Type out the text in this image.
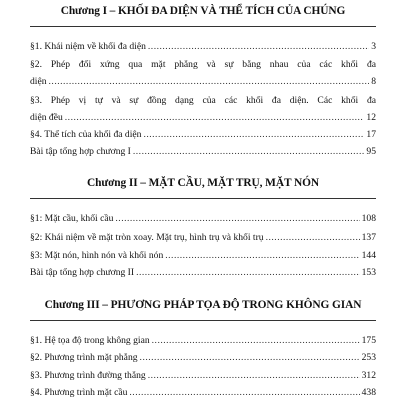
Chương I – KHỐI ĐA DIỆN VÀ THỂ TÍCH CỦA CHÚNG
§1. Khái niệm về khối đa diện .....	3
§2. Phép đối xứng qua mặt phẳng và sự bằng nhau của các khối đa
diện .....	8
§3. Phép vị tự và sự đồng dạng của các khối đa diện. Các khối đa
diện đều .....	12
§4. Thể tích của khối đa diện .....	17
Bài tập tổng hợp chương I .....	95
Chương II – MẶT CẦU, MẶT TRỤ, MẶT NÓN
§1: Mặt cầu, khối cầu .....	108
§2: Khái niệm về mặt tròn xoay. Mặt trụ, hình trụ và khối trụ .....	137
§3: Mặt nón, hình nón và khối nón .....	144
Bài tập tổng hợp chương II .....	153
Chương III – PHƯƠNG PHÁP TỌA ĐỘ TRONG KHÔNG GIAN
§1. Hệ tọa độ trong không gian .....	175
§2. Phương trình mặt phẳng .....	253
§3. Phương trình đường thẳng .....	312
§4. Phương trình mặt cầu .....	438
